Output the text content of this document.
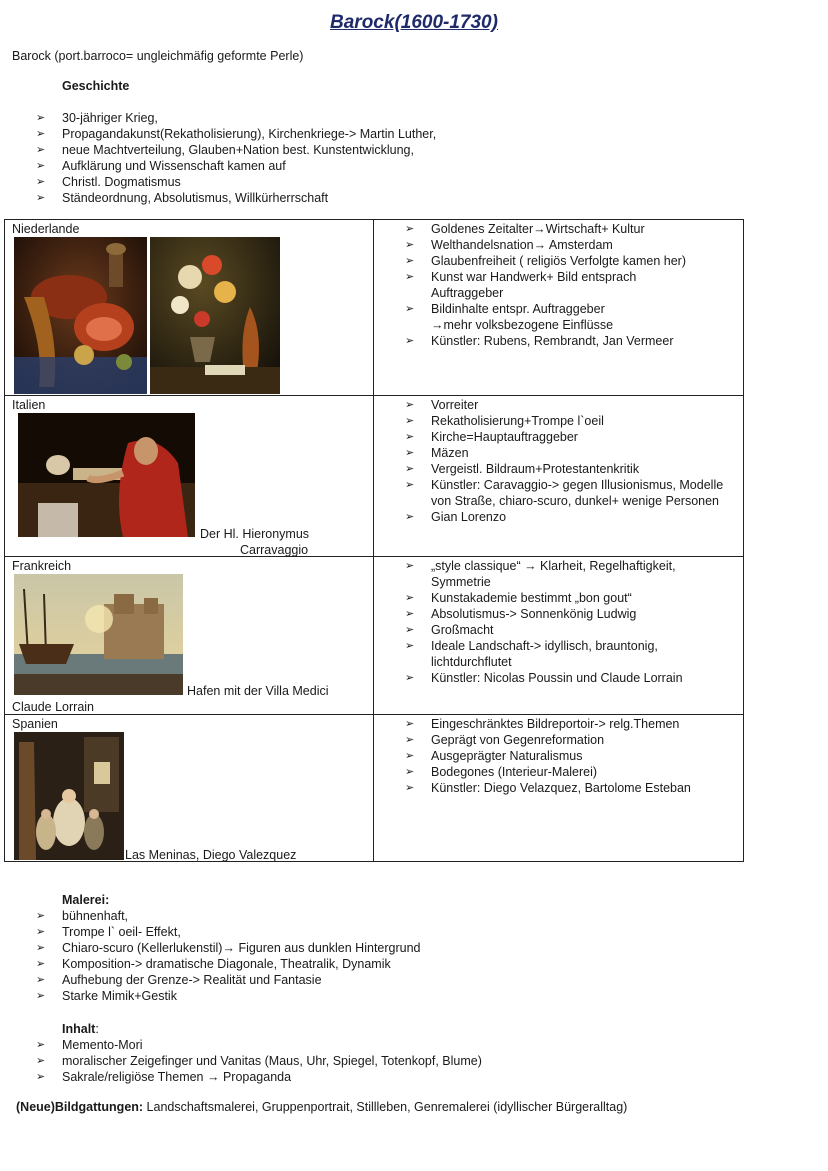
Barock(1600-1730)
Barock (port.barroco= ungleichmäfig geformte Perle)
Geschichte
➢ 30-jähriger Krieg,
➢ Propagandakunst(Rekatholisierung), Kirchenkriege-> Martin Luther,
➢ neue Machtverteilung, Glauben+Nation best. Kunstentwicklung,
➢ Aufklärung und Wissenschaft kamen auf
➢ Christl. Dogmatismus
➢ Ständeordnung, Absolutismus, Willkürherrschaft
Niederlande
➢	Goldenes Zeitalter→Wirtschaft+ Kultur
➢ Welthandelsnation→ Amsterdam
➢ Glaubenfreiheit ( religiös Verfolgte kamen her)
➢ Kunst war Handwerk+ Bild entsprach Auftraggeber
➢ Bildinhalte entspr. Auftraggeber →mehr volksbezogene Einflüsse
➢ Künstler: Rubens, Rembrandt, Jan Vermeer
Italien
Der Hl. Hieronymus
Carravaggio
➢ Vorreiter
➢ Rekatholisierung+Trompe l`oeil
➢ Kirche=Hauptauftraggeber
➢ Mäzen
➢ Vergeistl. Bildraum+Protestantenkritik
➢ Künstler: Caravaggio-> gegen Illusionismus, Modelle von Straße, chiaro-scuro, dunkel+ wenige Personen
➢ Gian Lorenzo
Frankreich
Hafen mit der Villa Medici
Claude Lorrain
➢ „style classique“ → Klarheit, Regelhaftigkeit, Symmetrie
➢ Kunstakademie bestimmt „bon gout“
➢ Absolutismus-> Sonnenkönig Ludwig
➢ Großmacht
➢ Ideale Landschaft-> idyllisch, brauntonig, lichtdurchflutet
➢ Künstler: Nicolas Poussin und Claude Lorrain
Spanien
Las Meninas, Diego Valezquez
➢ Eingeschränktes Bildreportoir-> relg.Themen
➢ Geprägt von Gegenreformation
➢ Ausgeprägter Naturalismus
➢ Bodegones (Interieur-Malerei)
➢ Künstler: Diego Velazquez, Bartolome Esteban
Malerei:
➢ bühnenhaft,
➢ Trompe l` oeil- Effekt,
➢ Chiaro-scuro (Kellerlukenstil)→ Figuren aus dunklen Hintergrund
➢ Komposition-> dramatische Diagonale, Theatralik, Dynamik
➢ Aufhebung der Grenze-> Realität und Fantasie
➢ Starke Mimik+Gestik
Inhalt:
➢ Memento-Mori
➢ moralischer Zeigefinger und Vanitas (Maus, Uhr, Spiegel, Totenkopf, Blume)
➢ Sakrale/religiöse Themen → Propaganda
(Neue)Bildgattungen: Landschaftsmalerei, Gruppenportrait, Stillleben, Genremalerei (idyllischer Bürgeralltag)
